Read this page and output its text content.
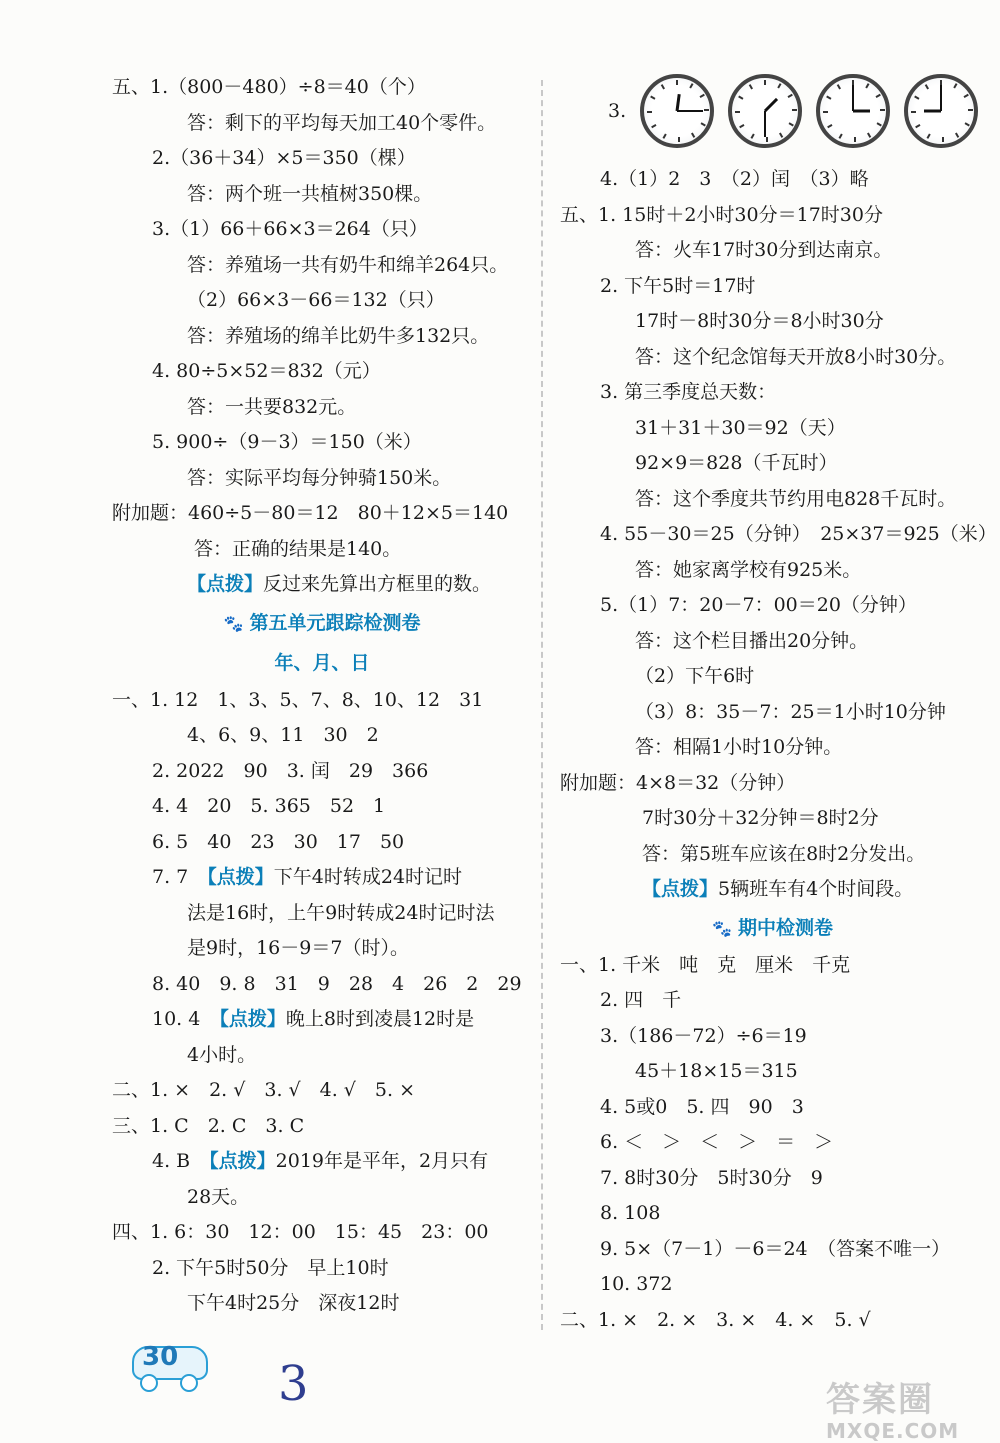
五、1.（800－480）÷8＝40（个）
答：剩下的平均每天加工40个零件。
2.（36＋34）×5＝350（棵）
答：两个班一共植树350棵。
3.（1）66＋66×3＝264（只）
答：养殖场一共有奶牛和绵羊264只。
（2）66×3－66＝132（只）
答：养殖场的绵羊比奶牛多132只。
4. 80÷5×52＝832（元）
答：一共要832元。
5. 900÷（9－3）＝150（米）
答：实际平均每分钟骑150米。
附加题：460÷5－80＝12　80＋12×5＝140
答：正确的结果是140。
【点拨】反过来先算出方框里的数。
🐾 第五单元跟踪检测卷
年、月、日
一、1. 12　1、3、5、7、8、10、12　31
4、6、9、11　30　2
2. 2022　90　3. 闰　29　366
4. 4　20　5. 365　52　1
6. 5　40　23　30　17　50
7. 7　【点拨】下午4时转成24时记时
法是16时，上午9时转成24时记时法
是9时，16－9＝7（时）。
8. 40　9. 8　31　9　28　4　26　2　29
10. 4　【点拨】晚上8时到凌晨12时是
4小时。
二、1. ×　2. √　3. √　4. √　5. ×
三、1. C　2. C　3. C
4. B　【点拨】2019年是平年，2月只有
28天。
四、1. 6：30　12：00　15：45　23：00
2. 下午5时50分　早上10时
下午4时25分　深夜12时
3.
4.（1）2　3　（2）闰　（3）略
五、1. 15时＋2小时30分＝17时30分
答：火车17时30分到达南京。
2. 下午5时＝17时
17时－8时30分＝8小时30分
答：这个纪念馆每天开放8小时30分。
3. 第三季度总天数：
31＋31＋30＝92（天）
92×9＝828（千瓦时）
答：这个季度共节约用电828千瓦时。
4. 55－30＝25（分钟）　25×37＝925（米）
答：她家离学校有925米。
5.（1）7：20－7：00＝20（分钟）
答：这个栏目播出20分钟。
（2）下午6时
（3）8：35－7：25＝1小时10分钟
答：相隔1小时10分钟。
附加题：4×8＝32（分钟）
7时30分＋32分钟＝8时2分
答：第5班车应该在8时2分发出。
【点拨】5辆班车有4个时间段。
🐾 期中检测卷
一、1. 千米　吨　克　厘米　千克
2. 四　千
3.（186－72）÷6＝19
45＋18×15＝315
4. 5或0　5. 四　90　3
6. ＜　＞　＜　＞　＝　＞
7. 8时30分　5时30分　9
8. 108
9. 5×（7－1）－6＝24　（答案不唯一）
10. 372
二、1. ×　2. ×　3. ×　4. ×　5. √
30 3	答案圈
MXQE.COM
